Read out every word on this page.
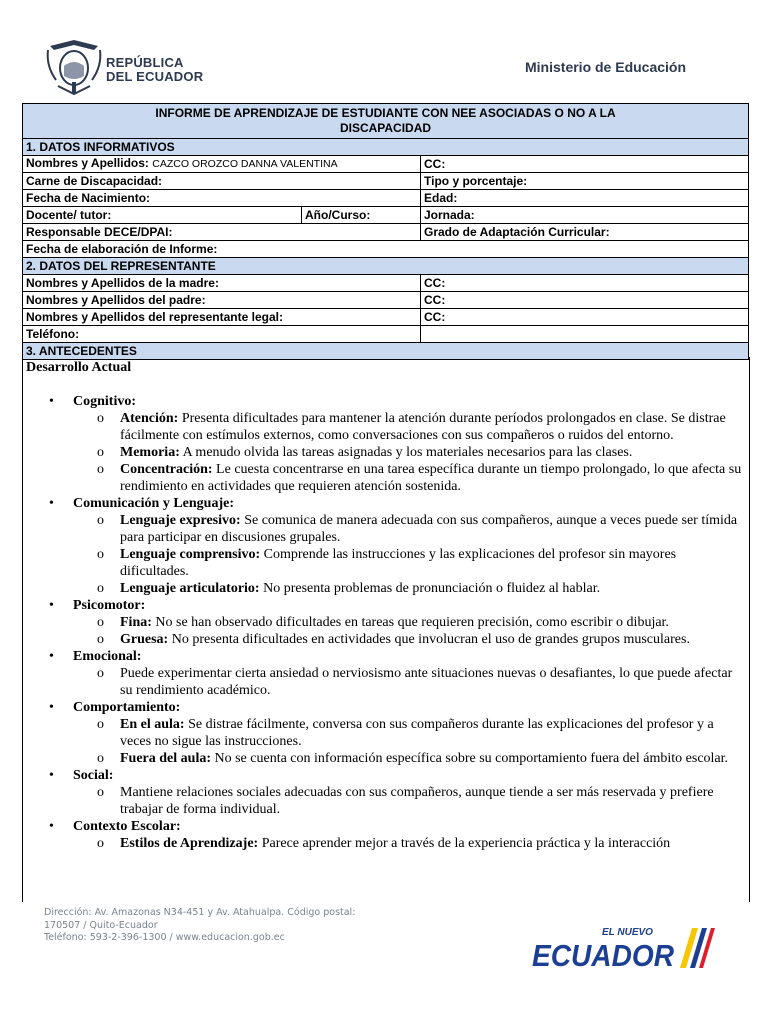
REPÚBLICA
DEL ECUADOR
Ministerio de Educación
INFORME DE APRENDIZAJE DE ESTUDIANTE CON NEE ASOCIADAS O NO A LA
DISCAPACIDAD		
1. DATOS INFORMATIVOS		
Nombres y Apellidos: CAZCO OROZCO DANNA VALENTINA		CC:
Carne de Discapacidad:		Tipo y porcentaje:
Fecha de Nacimiento:		Edad:
Docente/ tutor:	Año/Curso:	Jornada:
Responsable DECE/DPAI:		Grado de Adaptación Curricular:
Fecha de elaboración de Informe:		
2. DATOS DEL REPRESENTANTE		
Nombres y Apellidos de la madre:		CC:
Nombres y Apellidos del padre:		CC:
Nombres y Apellidos del representante legal:		CC:
Teléfono:		
3. ANTECEDENTES		
Desarrollo Actual
• Cognitivo:
o Atención: Presenta dificultades para mantener la atención durante períodos prolongados en clase. Se distrae fácilmente con estímulos externos, como conversaciones con sus compañeros o ruidos del entorno.
o Memoria: A menudo olvida las tareas asignadas y los materiales necesarios para las clases.
o Concentración: Le cuesta concentrarse en una tarea específica durante un tiempo prolongado, lo que afecta su rendimiento en actividades que requieren atención sostenida.
• Comunicación y Lenguaje:
o Lenguaje expresivo: Se comunica de manera adecuada con sus compañeros, aunque a veces puede ser tímida para participar en discusiones grupales.
o Lenguaje comprensivo: Comprende las instrucciones y las explicaciones del profesor sin mayores dificultades.
o Lenguaje articulatorio: No presenta problemas de pronunciación o fluidez al hablar.
• Psicomotor:
o Fina: No se han observado dificultades en tareas que requieren precisión, como escribir o dibujar.
o Gruesa: No presenta dificultades en actividades que involucran el uso de grandes grupos musculares.
• Emocional:
o Puede experimentar cierta ansiedad o nerviosismo ante situaciones nuevas o desafiantes, lo que puede afectar su rendimiento académico.
• Comportamiento:
o En el aula: Se distrae fácilmente, conversa con sus compañeros durante las explicaciones del profesor y a veces no sigue las instrucciones.
o Fuera del aula: No se cuenta con información específica sobre su comportamiento fuera del ámbito escolar.
• Social:
o Mantiene relaciones sociales adecuadas con sus compañeros, aunque tiende a ser más reservada y prefiere trabajar de forma individual.
• Contexto Escolar:
o Estilos de Aprendizaje: Parece aprender mejor a través de la experiencia práctica y la interacción
Dirección: Av. Amazonas N34-451 y Av. Atahualpa. Código postal:
170507 / Quito-Ecuador
Teléfono: 593-2-396-1300 / www.educacion.gob.ec	EL NUEVO
ECUADOR
